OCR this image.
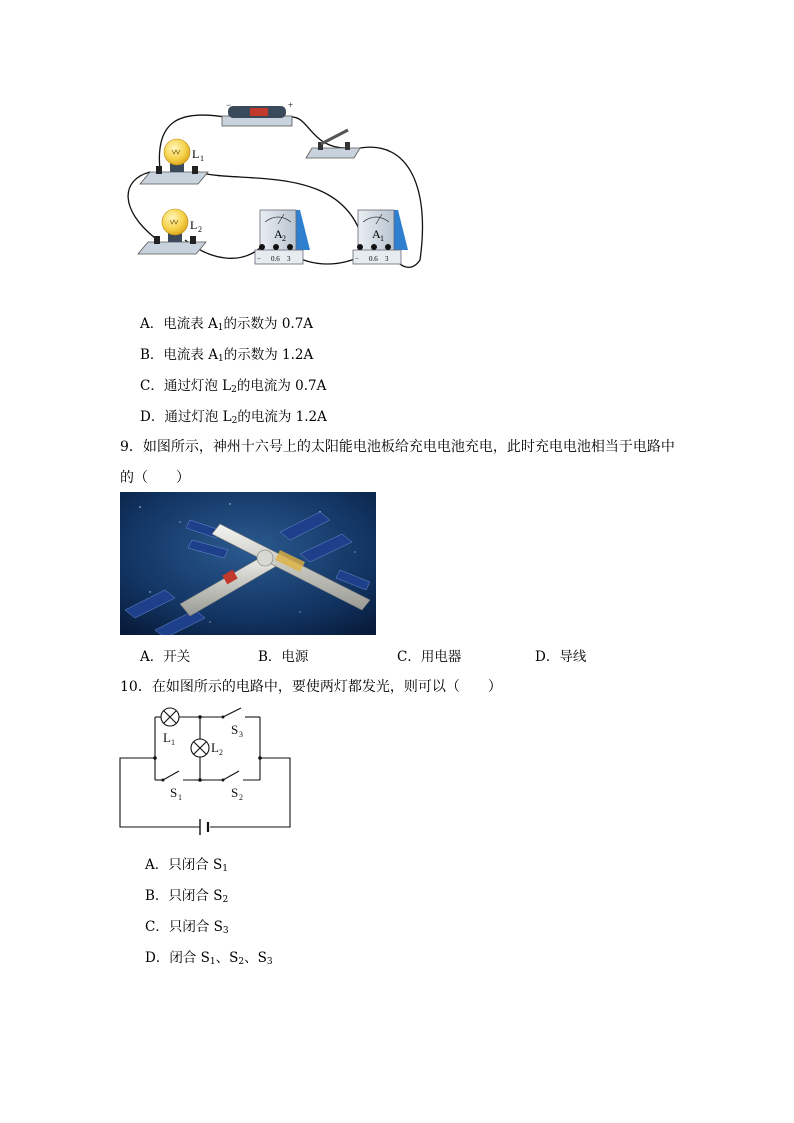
−	+
L 1
L 2	A 2
− 0.6 3
A 1
− 0.6 3
A．电流表 $A_1$的示数为 0.7A
B．电流表 $A_1$的示数为 1.2A
C．通过灯泡 $L_2$的电流为 0.7A
D．通过灯泡 $L_2$的电流为 1.2A
9．如图所示，神州十六号上的太阳能电池板给充电电池充电，此时充电电池相当于电路中
的（　　）
A．开关	B．电源	C．用电器	D．导线
10．在如图所示的电路中，要使两灯都发光，则可以（　　）
L 1	L 2
S 3
S 1	S 2
A．只闭合 $S_1$
B．只闭合 $S_2$
C．只闭合 $S_3$
D．闭合 $S_1$、$S_2$、$S_3$
